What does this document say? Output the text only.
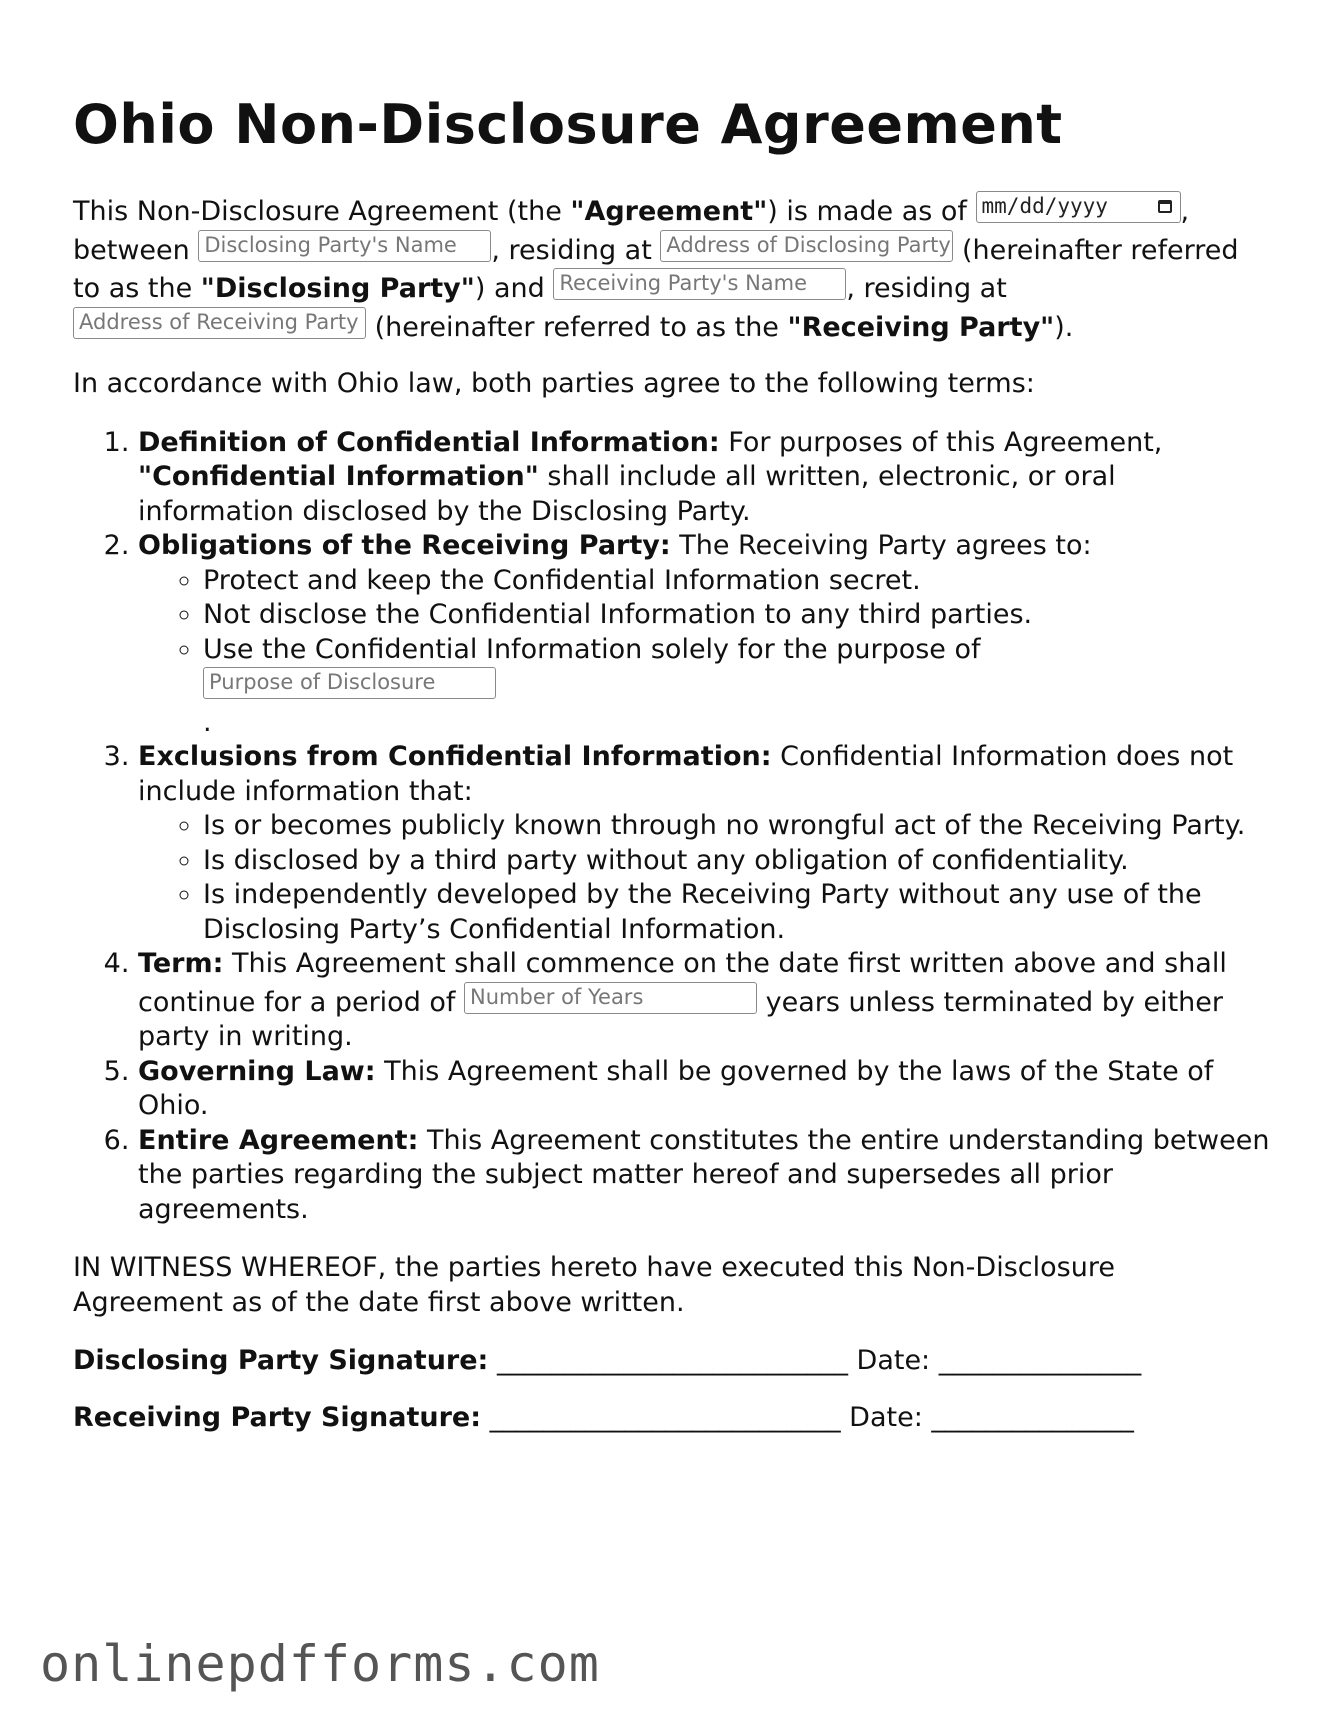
Ohio Non-Disclosure Agreement

This Non-Disclosure Agreement (the "Agreement") is made as of mm/dd/yyyy	, between Disclosing Party's Name , residing at Address of Disclosing Party (hereinafter referred to as the "Disclosing Party") and Receiving Party's Name , residing at Address of Receiving Party (hereinafter referred to as the "Receiving Party").

In accordance with Ohio law, both parties agree to the following terms:

1. Definition of Confidential Information: For purposes of this Agreement, "Confidential Information" shall include all written, electronic, or oral information disclosed by the Disclosing Party.
2. Obligations of the Receiving Party: The Receiving Party agrees to:
◦ Protect and keep the Confidential Information secret.
◦ Not disclose the Confidential Information to any third parties.
◦ Use the Confidential Information solely for the purpose of Purpose of Disclosure
.
3. Exclusions from Confidential Information: Confidential Information does not include information that:
◦ Is or becomes publicly known through no wrongful act of the Receiving Party.
◦ Is disclosed by a third party without any obligation of confidentiality.
◦ Is independently developed by the Receiving Party without any use of the Disclosing Party’s Confidential Information.
4. Term: This Agreement shall commence on the date first written above and shall continue for a period of Number of Years	years unless terminated by either party in writing.
5. Governing Law: This Agreement shall be governed by the laws of the State of Ohio.
6. Entire Agreement: This Agreement constitutes the entire understanding between the parties regarding the subject matter hereof and supersedes all prior agreements.

IN WITNESS WHEREOF, the parties hereto have executed this Non-Disclosure Agreement as of the date first above written.

Disclosing Party Signature: __________________________ Date: _______________

Receiving Party Signature: __________________________ Date: _______________

onlinepdfforms.com
